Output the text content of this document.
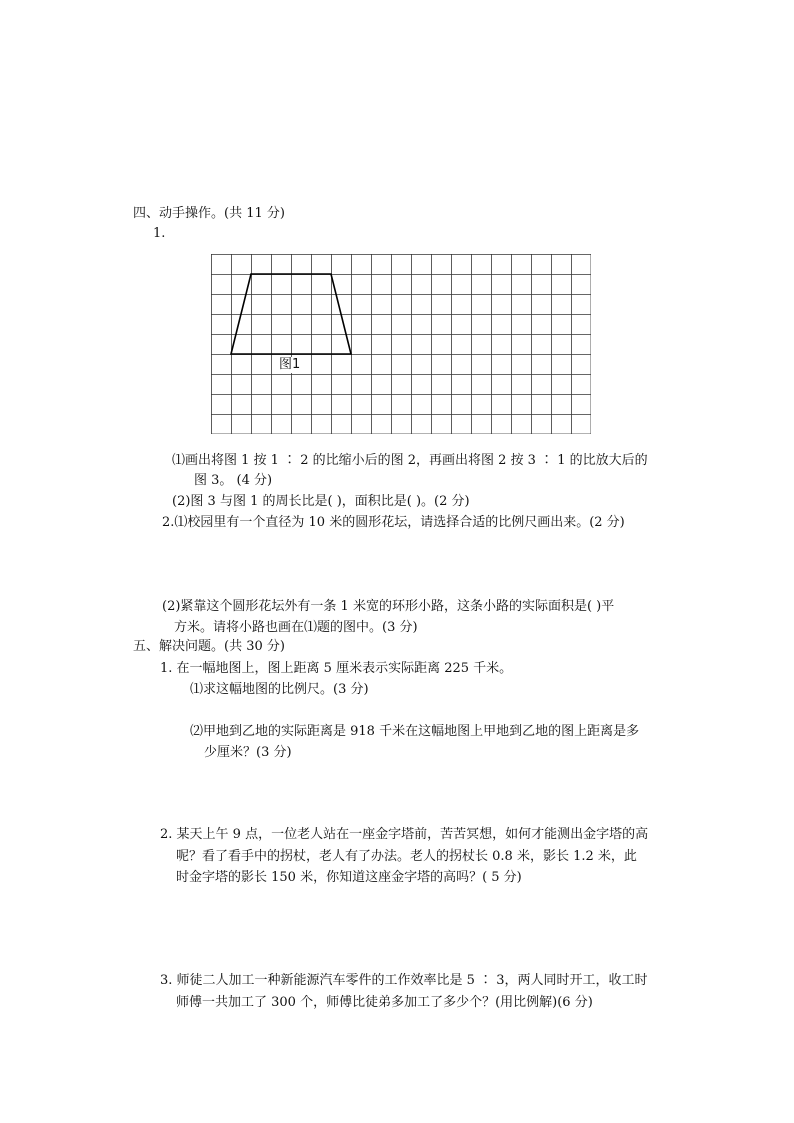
四、动手操作。(共 11 分)
1.
图1
⑴画出将图 1 按 1 ∶ 2 的比缩小后的图 2，再画出将图 2 按 3 ∶ 1 的比放大后的
图 3。 (4 分)
(2)图 3 与图 1 的周长比是( )，面积比是( )。(2 分)
2.⑴校园里有一个直径为 10 米的圆形花坛，请选择合适的比例尺画出来。(2 分)
(2)紧靠这个圆形花坛外有一条 1 米宽的环形小路，这条小路的实际面积是( )平
方米。请将小路也画在⑴题的图中。(3 分)
五、解决问题。(共 30 分)
1. 在一幅地图上，图上距离 5 厘米表示实际距离 225 千米。
⑴求这幅地图的比例尺。(3 分)
⑵甲地到乙地的实际距离是 918 千米在这幅地图上甲地到乙地的图上距离是多
少厘米？(3 分)
2. 某天上午 9 点，一位老人站在一座金字塔前，苦苦冥想，如何才能测出金字塔的高
呢？看了看手中的拐杖，老人有了办法。老人的拐杖长 0.8 米，影长 1.2 米，此
时金字塔的影长 150 米，你知道这座金字塔的高吗？( 5 分)
3. 师徒二人加工一种新能源汽车零件的工作效率比是 5 ∶ 3，两人同时开工，收工时
师傅一共加工了 300 个，师傅比徒弟多加工了多少个？(用比例解)(6 分)
